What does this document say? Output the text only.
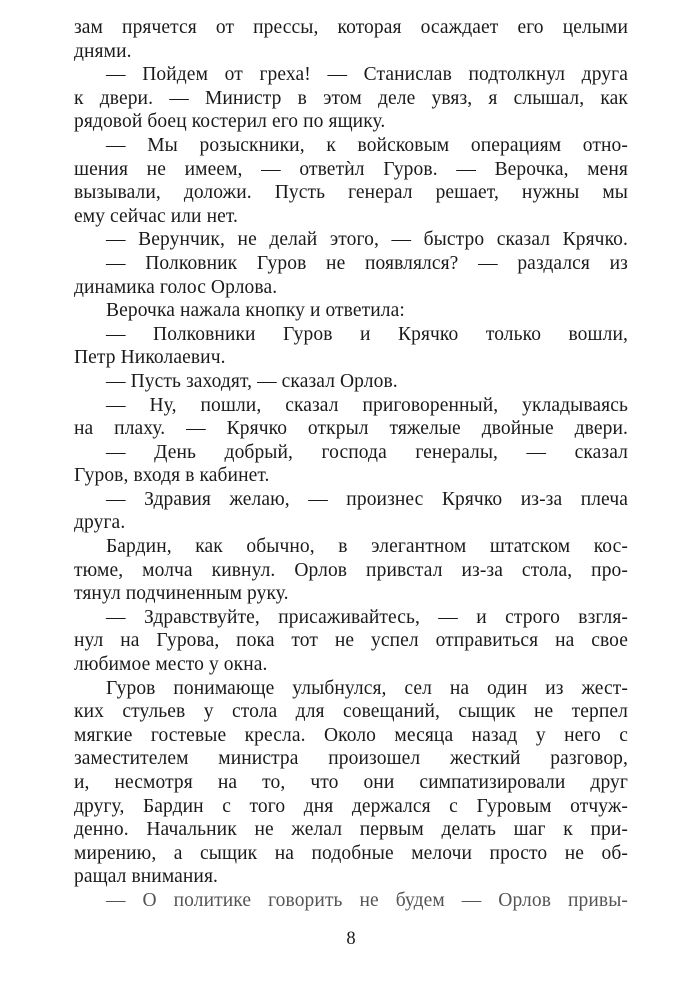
зам прячется от прессы, которая осаждает его целыми
днями.
— Пойдем от греха! — Станислав подтолкнул друга
к двери. — Министр в этом деле увяз, я слышал, как
рядовой боец костерил его по ящику.
— Мы розыскники, к войсковым операциям отно-
шения не имеем, — ответѝл Гуров. — Верочка, меня
вызывали, доложи. Пусть генерал решает, нужны мы
ему сейчас или нет.
— Верунчик, не делай этого, — быстро сказал Крячко.
— Полковник Гуров не появлялся? — раздался из
динамика голос Орлова.
Верочка нажала кнопку и ответила:
— Полковники Гуров и Крячко только вошли,
Петр Николаевич.
— Пусть заходят, — сказал Орлов.
— Ну, пошли, сказал приговоренный, укладываясь
на плаху. — Крячко открыл тяжелые двойные двери.
— День добрый, господа генералы, — сказал
Гуров, входя в кабинет.
— Здравия желаю, — произнес Крячко из-за плеча
друга.
Бардин, как обычно, в элегантном штатском кос-
тюме, молча кивнул. Орлов привстал из-за стола, про-
тянул подчиненным руку.
— Здравствуйте, присаживайтесь, — и строго взгля-
нул на Гурова, пока тот не успел отправиться на свое
любимое место у окна.
Гуров понимающе улыбнулся, сел на один из жест-
ких стульев у стола для совещаний, сыщик не терпел
мягкие гостевые кресла. Около месяца назад у него с
заместителем министра произошел жесткий разговор,
и, несмотря на то, что они симпатизировали друг
другу, Бардин с того дня держался с Гуровым отчуж-
денно. Начальник не желал первым делать шаг к при-
мирению, а сыщик на подобные мелочи просто не об-
ращал внимания.
— О политике говорить не будем — Орлов привы-
8
